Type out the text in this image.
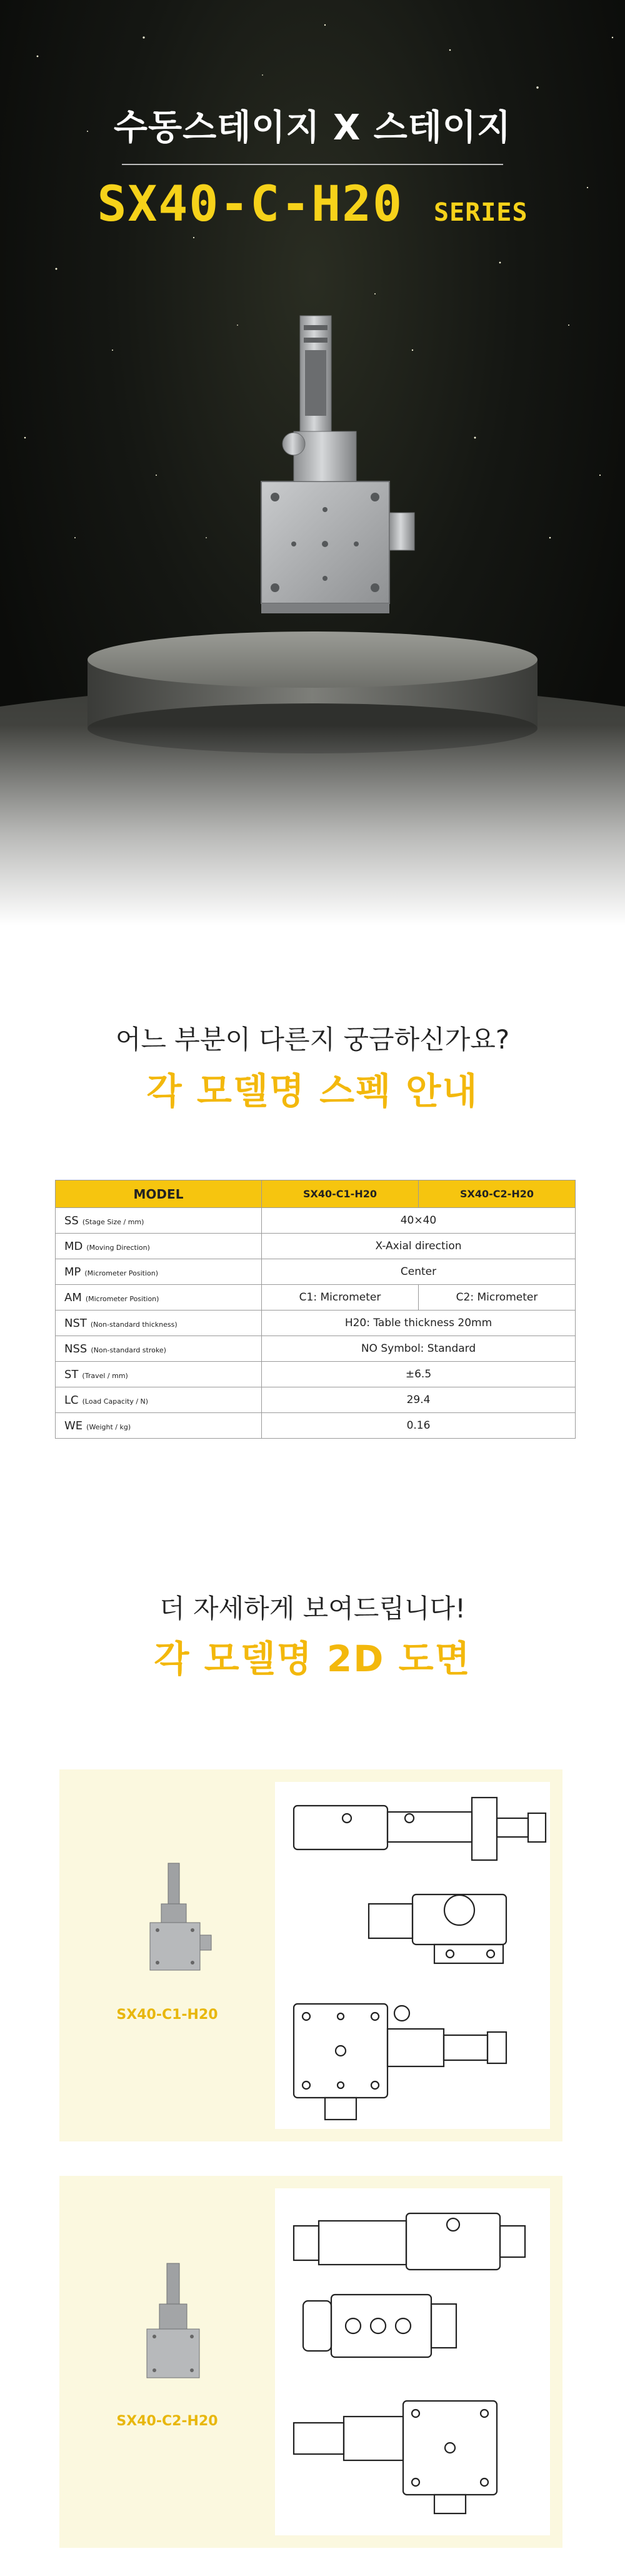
수동스테이지 X 스테이지
SX40-C-H20 SERIES
어느 부분이 다른지 궁금하신가요?
각 모델명 스펙 안내
MODEL	SX40-C1-H20	SX40-C2-H20
SS (Stage Size / mm)	40×40	
MD (Moving Direction)	X-Axial direction	
MP (Micrometer Position)	Center	
AM (Micrometer Position)	C1: Micrometer	C2: Micrometer
NST (Non-standard thickness)	H20: Table thickness 20mm	
NSS (Non-standard stroke)	NO Symbol: Standard	
ST (Travel / mm)	±6.5	
LC (Load Capacity / N)	29.4	
WE (Weight / kg)	0.16	
더 자세하게 보여드립니다!
각 모델명 2D 도면
SX40-C1-H20
SX40-C2-H20
